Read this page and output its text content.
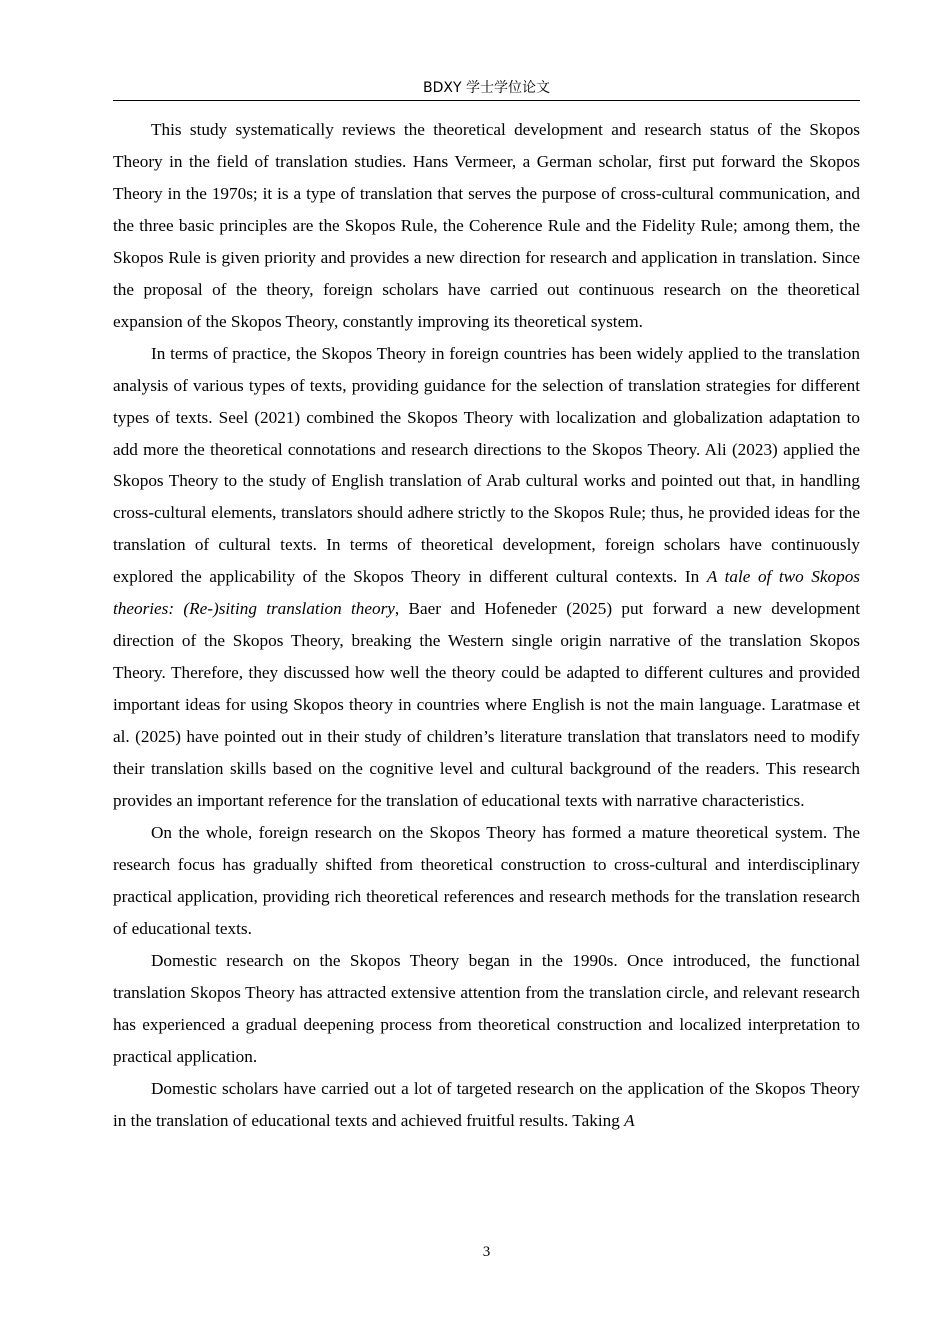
BDXY 学士学位论文

This study systematically reviews the theoretical development and research status of the Skopos Theory in the field of translation studies. Hans Vermeer, a German scholar, first put forward the Skopos Theory in the 1970s; it is a type of translation that serves the purpose of cross-cultural communication, and the three basic principles are the Skopos Rule, the Coherence Rule and the Fidelity Rule; among them, the Skopos Rule is given priority and provides a new direction for research and application in translation. Since the proposal of the theory, foreign scholars have carried out continuous research on the theoretical expansion of the Skopos Theory, constantly improving its theoretical system.

In terms of practice, the Skopos Theory in foreign countries has been widely applied to the translation analysis of various types of texts, providing guidance for the selection of translation strategies for different types of texts. Seel (2021) combined the Skopos Theory with localization and globalization adaptation to add more the theoretical connotations and research directions to the Skopos Theory. Ali (2023) applied the Skopos Theory to the study of English translation of Arab cultural works and pointed out that, in handling cross-cultural elements, translators should adhere strictly to the Skopos Rule; thus, he provided ideas for the translation of cultural texts. In terms of theoretical development, foreign scholars have continuously explored the applicability of the Skopos Theory in different cultural contexts. In A tale of two Skopos theories: (Re-)siting translation theory, Baer and Hofeneder (2025) put forward a new development direction of the Skopos Theory, breaking the Western single origin narrative of the translation Skopos Theory. Therefore, they discussed how well the theory could be adapted to different cultures and provided important ideas for using Skopos theory in countries where English is not the main language. Laratmase et al. (2025) have pointed out in their study of children’s literature translation that translators need to modify their translation skills based on the cognitive level and cultural background of the readers. This research provides an important reference for the translation of educational texts with narrative characteristics.

On the whole, foreign research on the Skopos Theory has formed a mature theoretical system. The research focus has gradually shifted from theoretical construction to cross-cultural and interdisciplinary practical application, providing rich theoretical references and research methods for the translation research of educational texts.

Domestic research on the Skopos Theory began in the 1990s. Once introduced, the functional translation Skopos Theory has attracted extensive attention from the translation circle, and relevant research has experienced a gradual deepening process from theoretical construction and localized interpretation to practical application.

Domestic scholars have carried out a lot of targeted research on the application of the Skopos Theory in the translation of educational texts and achieved fruitful results. Taking A

3
